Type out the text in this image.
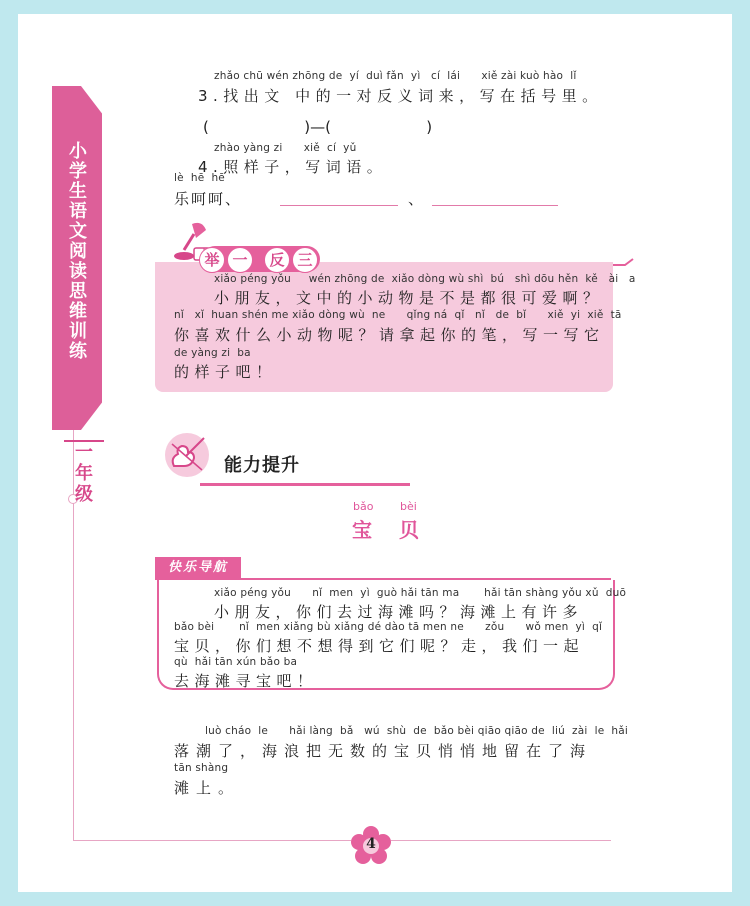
小
学
生
语
文
阅
读
思
维
训
练
一
年
级
zhǎo chū wén zhōng de  yí  duì fǎn  yì   cí  lái      xiě zài kuò hào  lǐ
3.找出文 中的一对反义词来，写在括号里。
(                    )—(                    )
zhào yàng zi      xiě  cí  yǔ
4.照样子，写词语。
lè  hē  hē
乐呵呵、	、
举 一	反 三
xiǎo péng yǒu     wén zhōng de  xiǎo dòng wù shì  bú   shì dōu hěn  kě   ài   a
小朋友，文中的小动物是不是都很可爱啊？
nǐ   xǐ  huan shén me xiǎo dòng wù  ne      qǐng ná  qǐ   nǐ   de  bǐ      xiě  yi  xiě  tā
你喜欢什么小动物呢？请拿起你的笔，写一写它
de yàng zi  ba
的样子吧！
能力提升
bǎo bèi
宝 贝
快乐导航
xiǎo péng yǒu      nǐ  men  yì  guò hǎi tān ma       hǎi tān shàng yǒu xǔ  duō
小朋友，你们去过海滩吗？海滩上有许多
bǎo bèi       nǐ  men xiǎng bù xiǎng dé dào tā men ne      zǒu      wǒ men  yì  qǐ
宝贝，你们想不想得到它们呢？走，我们一起
qù  hǎi tān xún bǎo ba
去海滩寻宝吧！
luò cháo  le      hǎi làng  bǎ   wú  shù  de  bǎo bèi qiāo qiāo de  liú  zài  le  hǎi
落潮了，海浪把无数的宝贝悄悄地留在了海
tān shàng
滩上。
4
